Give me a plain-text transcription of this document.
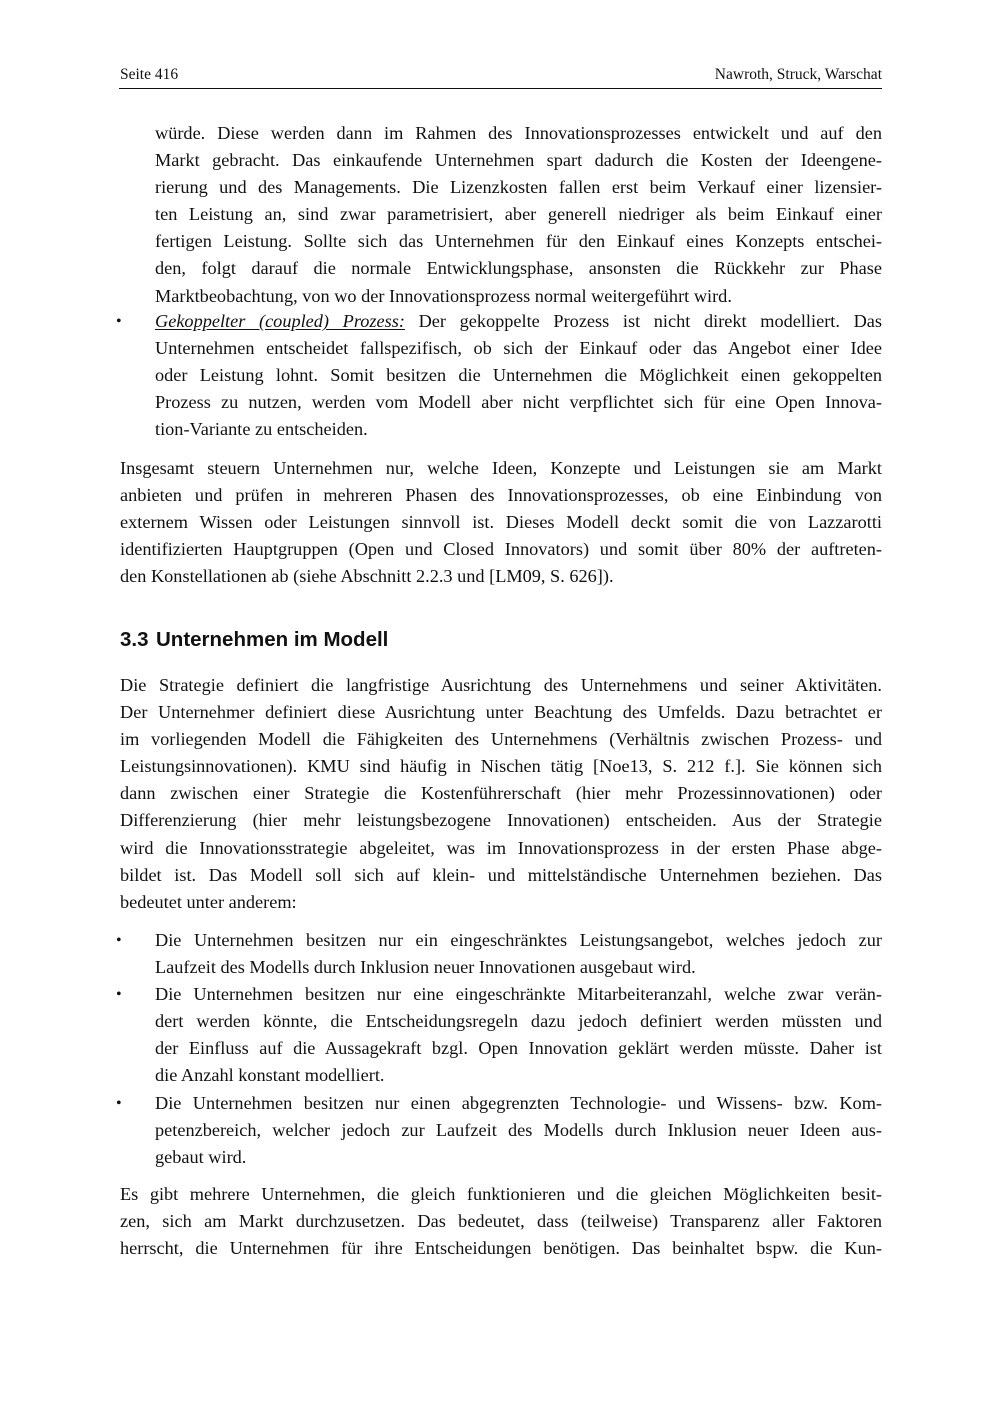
Seite 416	Nawroth, Struck, Warschat
würde. Diese werden dann im Rahmen des Innovationsprozesses entwickelt und auf den
Markt gebracht. Das einkaufende Unternehmen spart dadurch die Kosten der Ideengene-
rierung und des Managements. Die Lizenzkosten fallen erst beim Verkauf einer lizensier-
ten Leistung an, sind zwar parametrisiert, aber generell niedriger als beim Einkauf einer
fertigen Leistung. Sollte sich das Unternehmen für den Einkauf eines Konzepts entschei-
den, folgt darauf die normale Entwicklungsphase, ansonsten die Rückkehr zur Phase
Marktbeobachtung, von wo der Innovationsprozess normal weitergeführt wird.
• Gekoppelter (coupled) Prozess: Der gekoppelte Prozess ist nicht direkt modelliert. Das
Unternehmen entscheidet fallspezifisch, ob sich der Einkauf oder das Angebot einer Idee
oder Leistung lohnt. Somit besitzen die Unternehmen die Möglichkeit einen gekoppelten
Prozess zu nutzen, werden vom Modell aber nicht verpflichtet sich für eine Open Innova-
tion-Variante zu entscheiden.
Insgesamt steuern Unternehmen nur, welche Ideen, Konzepte und Leistungen sie am Markt
anbieten und prüfen in mehreren Phasen des Innovationsprozesses, ob eine Einbindung von
externem Wissen oder Leistungen sinnvoll ist. Dieses Modell deckt somit die von Lazzarotti
identifizierten Hauptgruppen (Open und Closed Innovators) und somit über 80% der auftreten-
den Konstellationen ab (siehe Abschnitt 2.2.3 und [LM09, S. 626]).
3.3 Unternehmen im Modell
Die Strategie definiert die langfristige Ausrichtung des Unternehmens und seiner Aktivitäten.
Der Unternehmer definiert diese Ausrichtung unter Beachtung des Umfelds. Dazu betrachtet er
im vorliegenden Modell die Fähigkeiten des Unternehmens (Verhältnis zwischen Prozess- und
Leistungsinnovationen). KMU sind häufig in Nischen tätig [Noe13, S. 212 f.]. Sie können sich
dann zwischen einer Strategie die Kostenführerschaft (hier mehr Prozessinnovationen) oder
Differenzierung (hier mehr leistungsbezogene Innovationen) entscheiden. Aus der Strategie
wird die Innovationsstrategie abgeleitet, was im Innovationsprozess in der ersten Phase abge-
bildet ist. Das Modell soll sich auf klein- und mittelständische Unternehmen beziehen. Das
bedeutet unter anderem:
• Die Unternehmen besitzen nur ein eingeschränktes Leistungsangebot, welches jedoch zur
Laufzeit des Modells durch Inklusion neuer Innovationen ausgebaut wird.
• Die Unternehmen besitzen nur eine eingeschränkte Mitarbeiteranzahl, welche zwar verän-
dert werden könnte, die Entscheidungsregeln dazu jedoch definiert werden müssten und
der Einfluss auf die Aussagekraft bzgl. Open Innovation geklärt werden müsste. Daher ist
die Anzahl konstant modelliert.
• Die Unternehmen besitzen nur einen abgegrenzten Technologie- und Wissens- bzw. Kom-
petenzbereich, welcher jedoch zur Laufzeit des Modells durch Inklusion neuer Ideen aus-
gebaut wird.
Es gibt mehrere Unternehmen, die gleich funktionieren und die gleichen Möglichkeiten besit-
zen, sich am Markt durchzusetzen. Das bedeutet, dass (teilweise) Transparenz aller Faktoren
herrscht, die Unternehmen für ihre Entscheidungen benötigen. Das beinhaltet bspw. die Kun-
